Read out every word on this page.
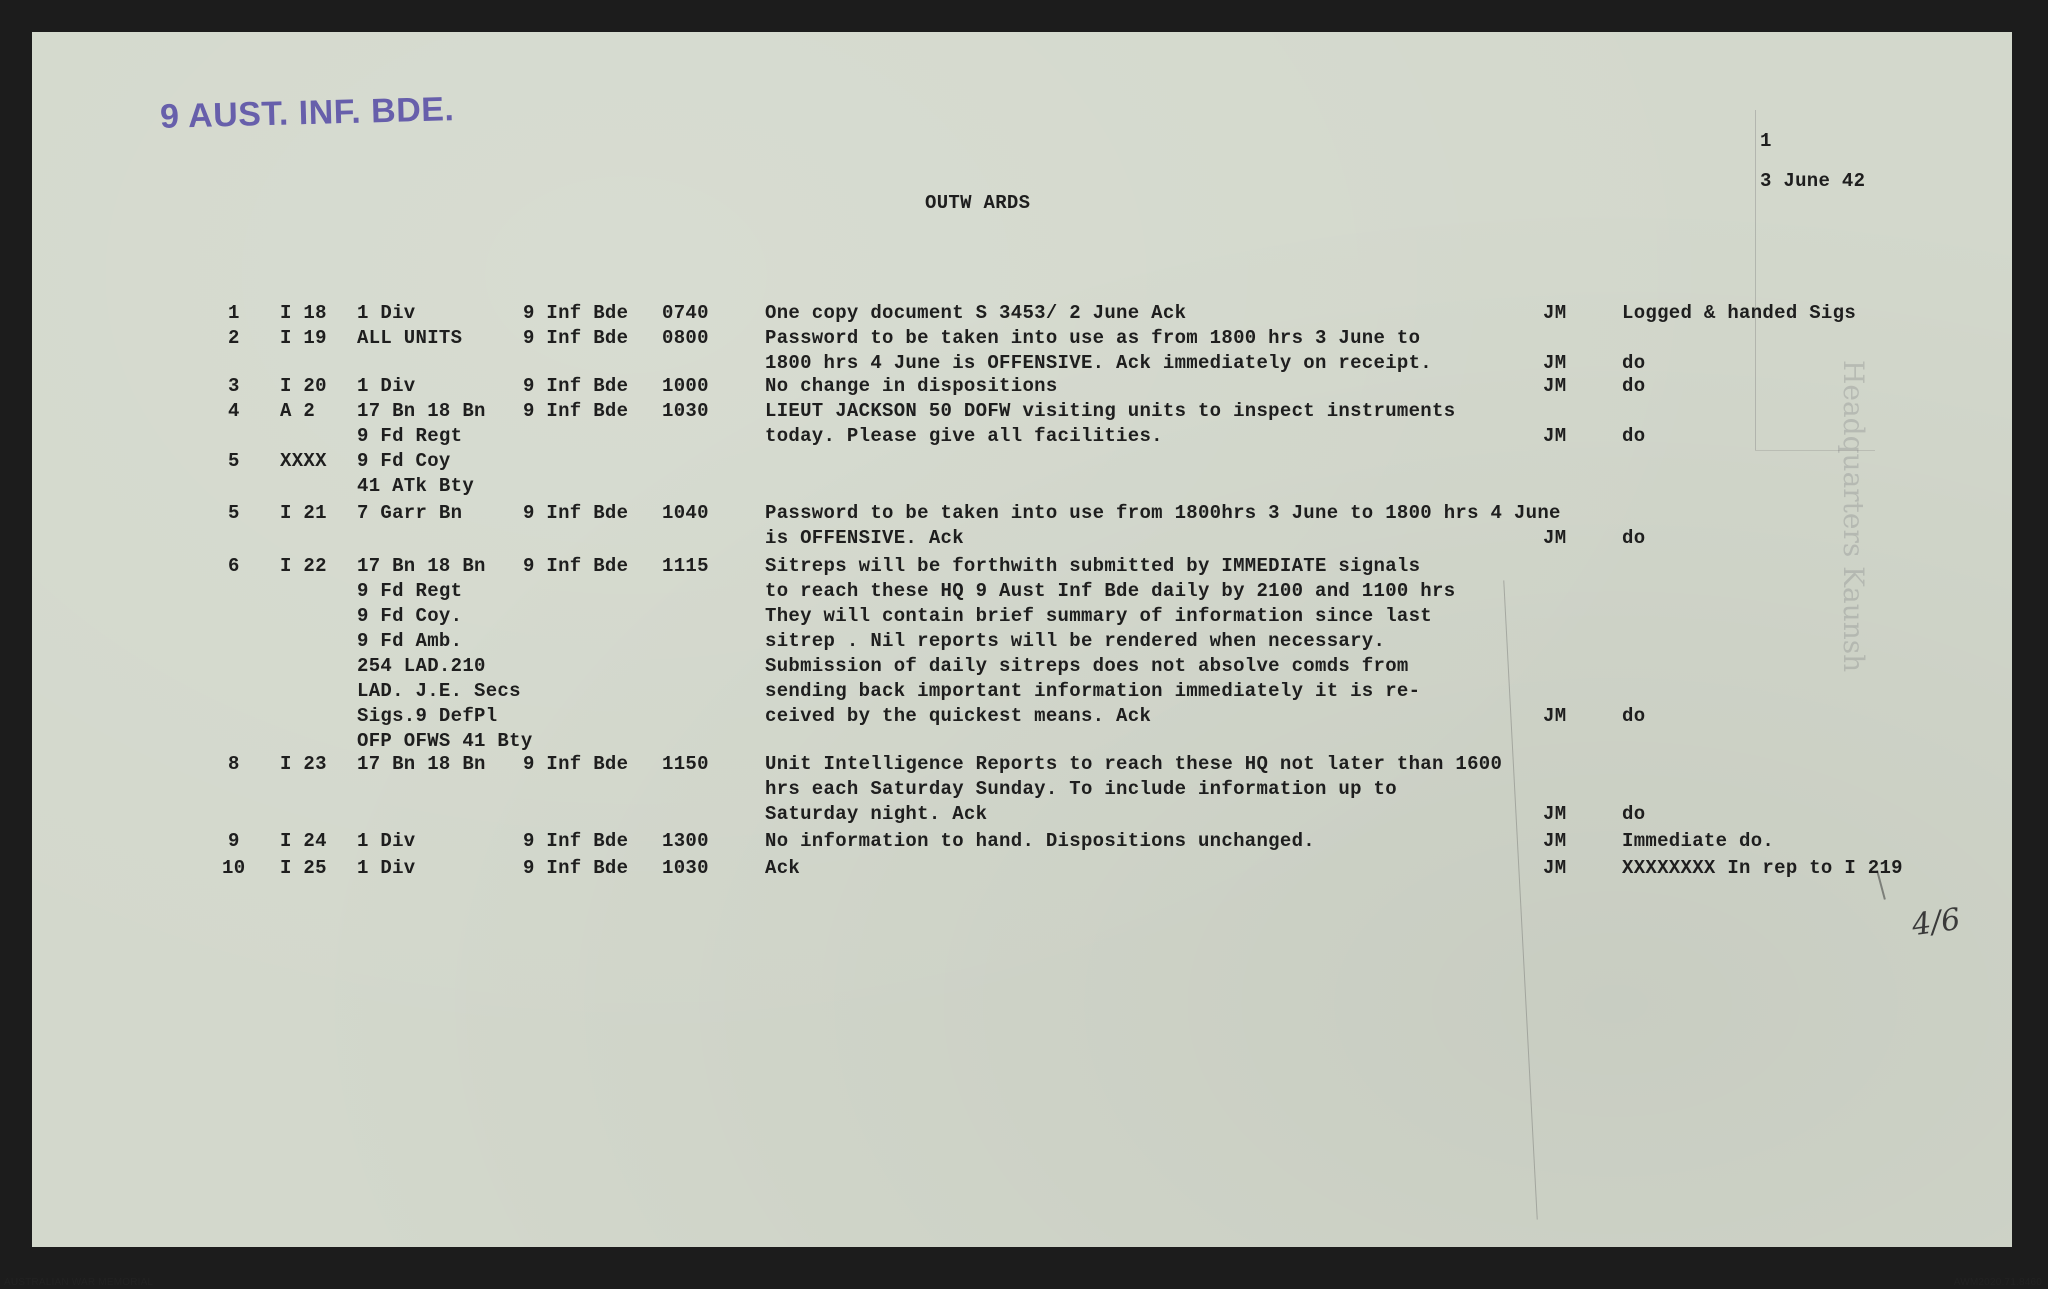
9 AUST. INF. BDE.
1
3 June 42
OUTW ARDS
Headquarters Kaunsh
4/6
1 I 18 1 Div	9 Inf Bde 0740	One copy document S 3453/ 2 June Ack	JM	Logged & handed Sigs
2 I 19 ALL UNITS	9 Inf Bde 0800	Password to be taken into use as from 1800 hrs 3 June to
1800 hrs 4 June is OFFENSIVE. Ack immediately on receipt.	JM	do
3 I 20 1 Div	9 Inf Bde 1000	No change in dispositions	JM	do
4 A 2 17 Bn 18 Bn 9 Inf Bde 1030	LIEUT JACKSON 50 DOFW visiting units to inspect instruments
9 Fd Regt	today. Please give all facilities.	JM	do
5 XXXX 9 Fd Coy
41 ATk Bty
5 I 21 7 Garr Bn	9 Inf Bde 1040	Password to be taken into use from 1800hrs 3 June to 1800 hrs 4 June
is OFFENSIVE. Ack	JM	do
6 I 22 17 Bn 18 Bn 9 Inf Bde 1115	Sitreps will be forthwith submitted by IMMEDIATE signals
9 Fd Regt	to reach these HQ 9 Aust Inf Bde daily by 2100 and 1100 hrs
9 Fd Coy.	They will contain brief summary of information since last
9 Fd Amb.	sitrep . Nil reports will be rendered when necessary.
254 LAD.210	Submission of daily sitreps does not absolve comds from
LAD. J.E. Secs	sending back important information immediately it is re-
Sigs.9 DefPl	ceived by the quickest means. Ack	JM	do
OFP OFWS 41 Bty
8 I 23 17 Bn 18 Bn 9 Inf Bde 1150	Unit Intelligence Reports to reach these HQ not later than 1600
hrs each Saturday Sunday. To include information up to
Saturday night. Ack	JM	do
9 I 24 1 Div	9 Inf Bde 1300	No information to hand. Dispositions unchanged.	JM	Immediate do.
10 I 25 1 Div	9 Inf Bde 1030	Ack	JM	XXXXXXXX In rep to I 219
AUSTRALIAN WAR MEMORIAL	AWM2020.71.8460
